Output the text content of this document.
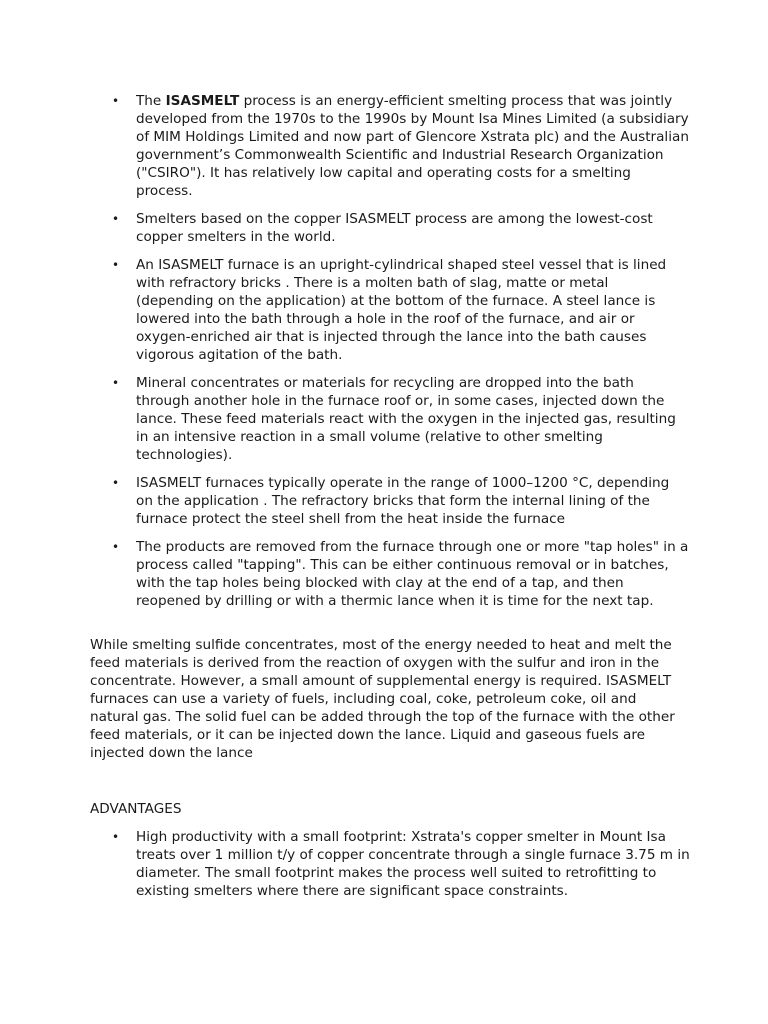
• The ISASMELT process is an energy-efficient smelting process that was jointly developed from the 1970s to the 1990s by Mount Isa Mines Limited (a subsidiary of MIM Holdings Limited and now part of Glencore Xstrata plc) and the Australian government’s Commonwealth Scientific and Industrial Research Organization ("CSIRO"). It has relatively low capital and operating costs for a smelting process.
• Smelters based on the copper ISASMELT process are among the lowest-cost copper smelters in the world.
• An ISASMELT furnace is an upright-cylindrical shaped steel vessel that is lined with refractory bricks . There is a molten bath of slag, matte or metal (depending on the application) at the bottom of the furnace. A steel lance is lowered into the bath through a hole in the roof of the furnace, and air or oxygen-enriched air that is injected through the lance into the bath causes vigorous agitation of the bath.
• Mineral concentrates or materials for recycling are dropped into the bath through another hole in the furnace roof or, in some cases, injected down the lance. These feed materials react with the oxygen in the injected gas, resulting in an intensive reaction in a small volume (relative to other smelting technologies).
• ISASMELT furnaces typically operate in the range of 1000–1200 °C, depending on the application . The refractory bricks that form the internal lining of the furnace protect the steel shell from the heat inside the furnace
• The products are removed from the furnace through one or more "tap holes" in a process called "tapping". This can be either continuous removal or in batches, with the tap holes being blocked with clay at the end of a tap, and then reopened by drilling or with a thermic lance when it is time for the next tap.

While smelting sulfide concentrates, most of the energy needed to heat and melt the feed materials is derived from the reaction of oxygen with the sulfur and iron in the concentrate. However, a small amount of supplemental energy is required. ISASMELT furnaces can use a variety of fuels, including coal, coke, petroleum coke, oil and natural gas. The solid fuel can be added through the top of the furnace with the other feed materials, or it can be injected down the lance. Liquid and gaseous fuels are injected down the lance

ADVANTAGES

• High productivity with a small footprint: Xstrata's copper smelter in Mount Isa treats over 1 million t/y of copper concentrate through a single furnace 3.75 m in diameter. The small footprint makes the process well suited to retrofitting to existing smelters where there are significant space constraints.
